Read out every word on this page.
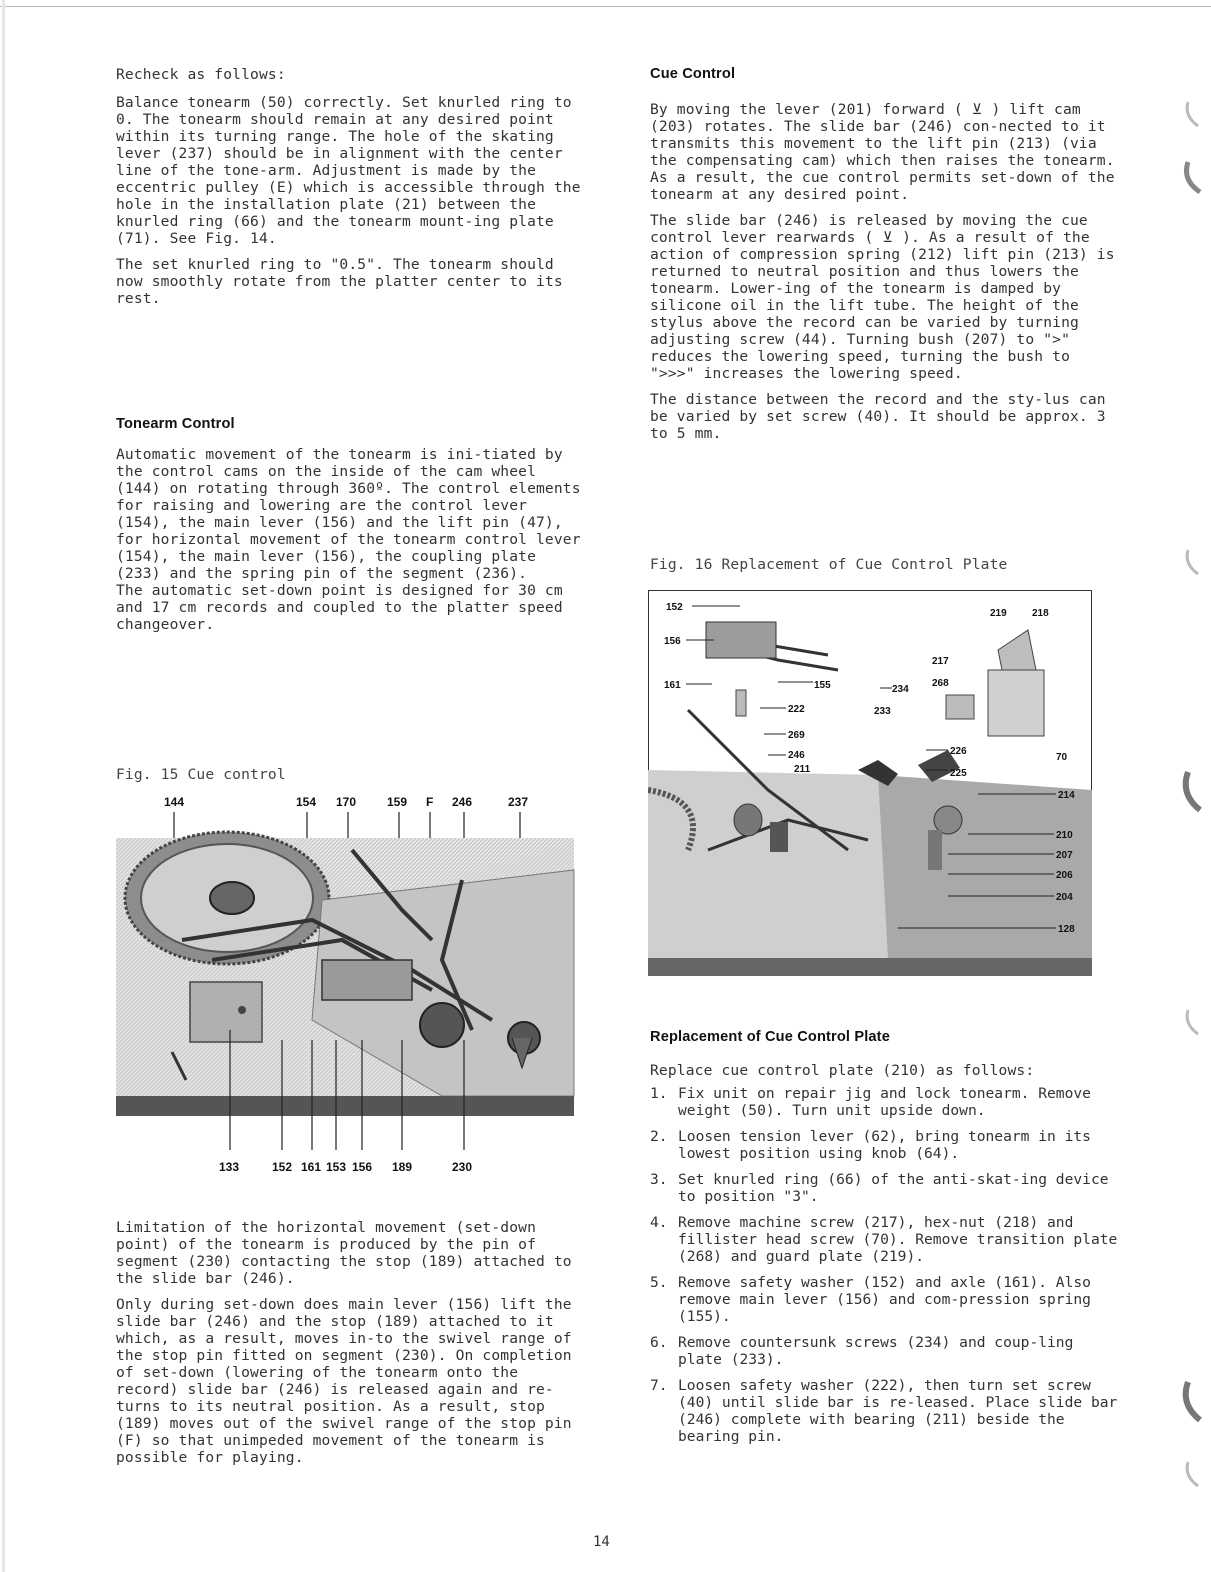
Recheck as follows:

Balance tonearm (50) correctly. Set knurled ring to 0. The tonearm should remain at any desired point within its turning range. The hole of the skating lever (237) should be in alignment with the center line of the tone-arm. Adjustment is made by the eccentric pulley (E) which is accessible through the hole in the installation plate (21) between the knurled ring (66) and the tonearm mount-ing plate (71). See Fig. 14.

The set knurled ring to "0.5". The tonearm should now smoothly rotate from the platter center to its rest.

Tonearm Control

Automatic movement of the tonearm is ini-tiated by the control cams on the inside of the cam wheel (144) on rotating through 360º. The control elements for raising and lowering are the control lever (154), the main lever (156) and the lift pin (47), for horizontal movement of the tonearm control lever (154), the main lever (156), the coupling plate (233) and the spring pin of the segment (236).

The automatic set-down point is designed for 30 cm and 17 cm records and coupled to the platter speed changeover.

Fig. 15 Cue control

144	154 170	159 F 246	237
133	152 161 153 156 189	230

Limitation of the horizontal movement (set-down point) of the tonearm is produced by the pin of segment (230) contacting the stop (189) attached to the slide bar (246).

Only during set-down does main lever (156) lift the slide bar (246) and the stop (189) attached to it which, as a result, moves in-to the swivel range of the stop pin fitted on segment (230). On completion of set-down (lowering of the tonearm onto the record) slide bar (246) is released again and re-turns to its neutral position. As a result, stop (189) moves out of the swivel range of the stop pin (F) so that unimpeded movement of the tonearm is possible for playing.

Cue Control

By moving the lever (201) forward ( ⊻ ) lift cam (203) rotates. The slide bar (246) con-nected to it transmits this movement to the lift pin (213) (via the compensating cam) which then raises the tonearm.

As a result, the cue control permits set-down of the tonearm at any desired point.

The slide bar (246) is released by moving the cue control lever rearwards ( ⊻ ). As a result of the action of compression spring (212) lift pin (213) is returned to neutral position and thus lowers the tonearm. Lower-ing of the tonearm is damped by silicone oil in the lift tube. The height of the stylus above the record can be varied by turning adjusting screw (44). Turning bush (207) to ">" reduces the lowering speed, turning the bush to ">>>" increases the lowering speed.

The distance between the record and the sty-lus can be varied by set screw (40). It should be approx. 3 to 5 mm.

Fig. 16 Replacement of Cue Control Plate

152
156
161	155	234
233
222
269
246
211
219	218
217
268
226
225
70
214
210
207
206
204
128

Replacement of Cue Control Plate

Replace cue control plate (210) as follows:

1. Fix unit on repair jig and lock tonearm. Remove weight (50). Turn unit upside down.
2. Loosen tension lever (62), bring tonearm in its lowest position using knob (64).
3. Set knurled ring (66) of the anti-skat-ing device to position "3".
4. Remove machine screw (217), hex-nut (218) and fillister head screw (70). Remove transition plate (268) and guard plate (219).
5. Remove safety washer (152) and axle (161). Also remove main lever (156) and com-pression spring (155).
6. Remove countersunk screws (234) and coup-ling plate (233).
7. Loosen safety washer (222), then turn set screw (40) until slide bar is re-leased. Place slide bar (246) complete with bearing (211) beside the bearing pin.
14
